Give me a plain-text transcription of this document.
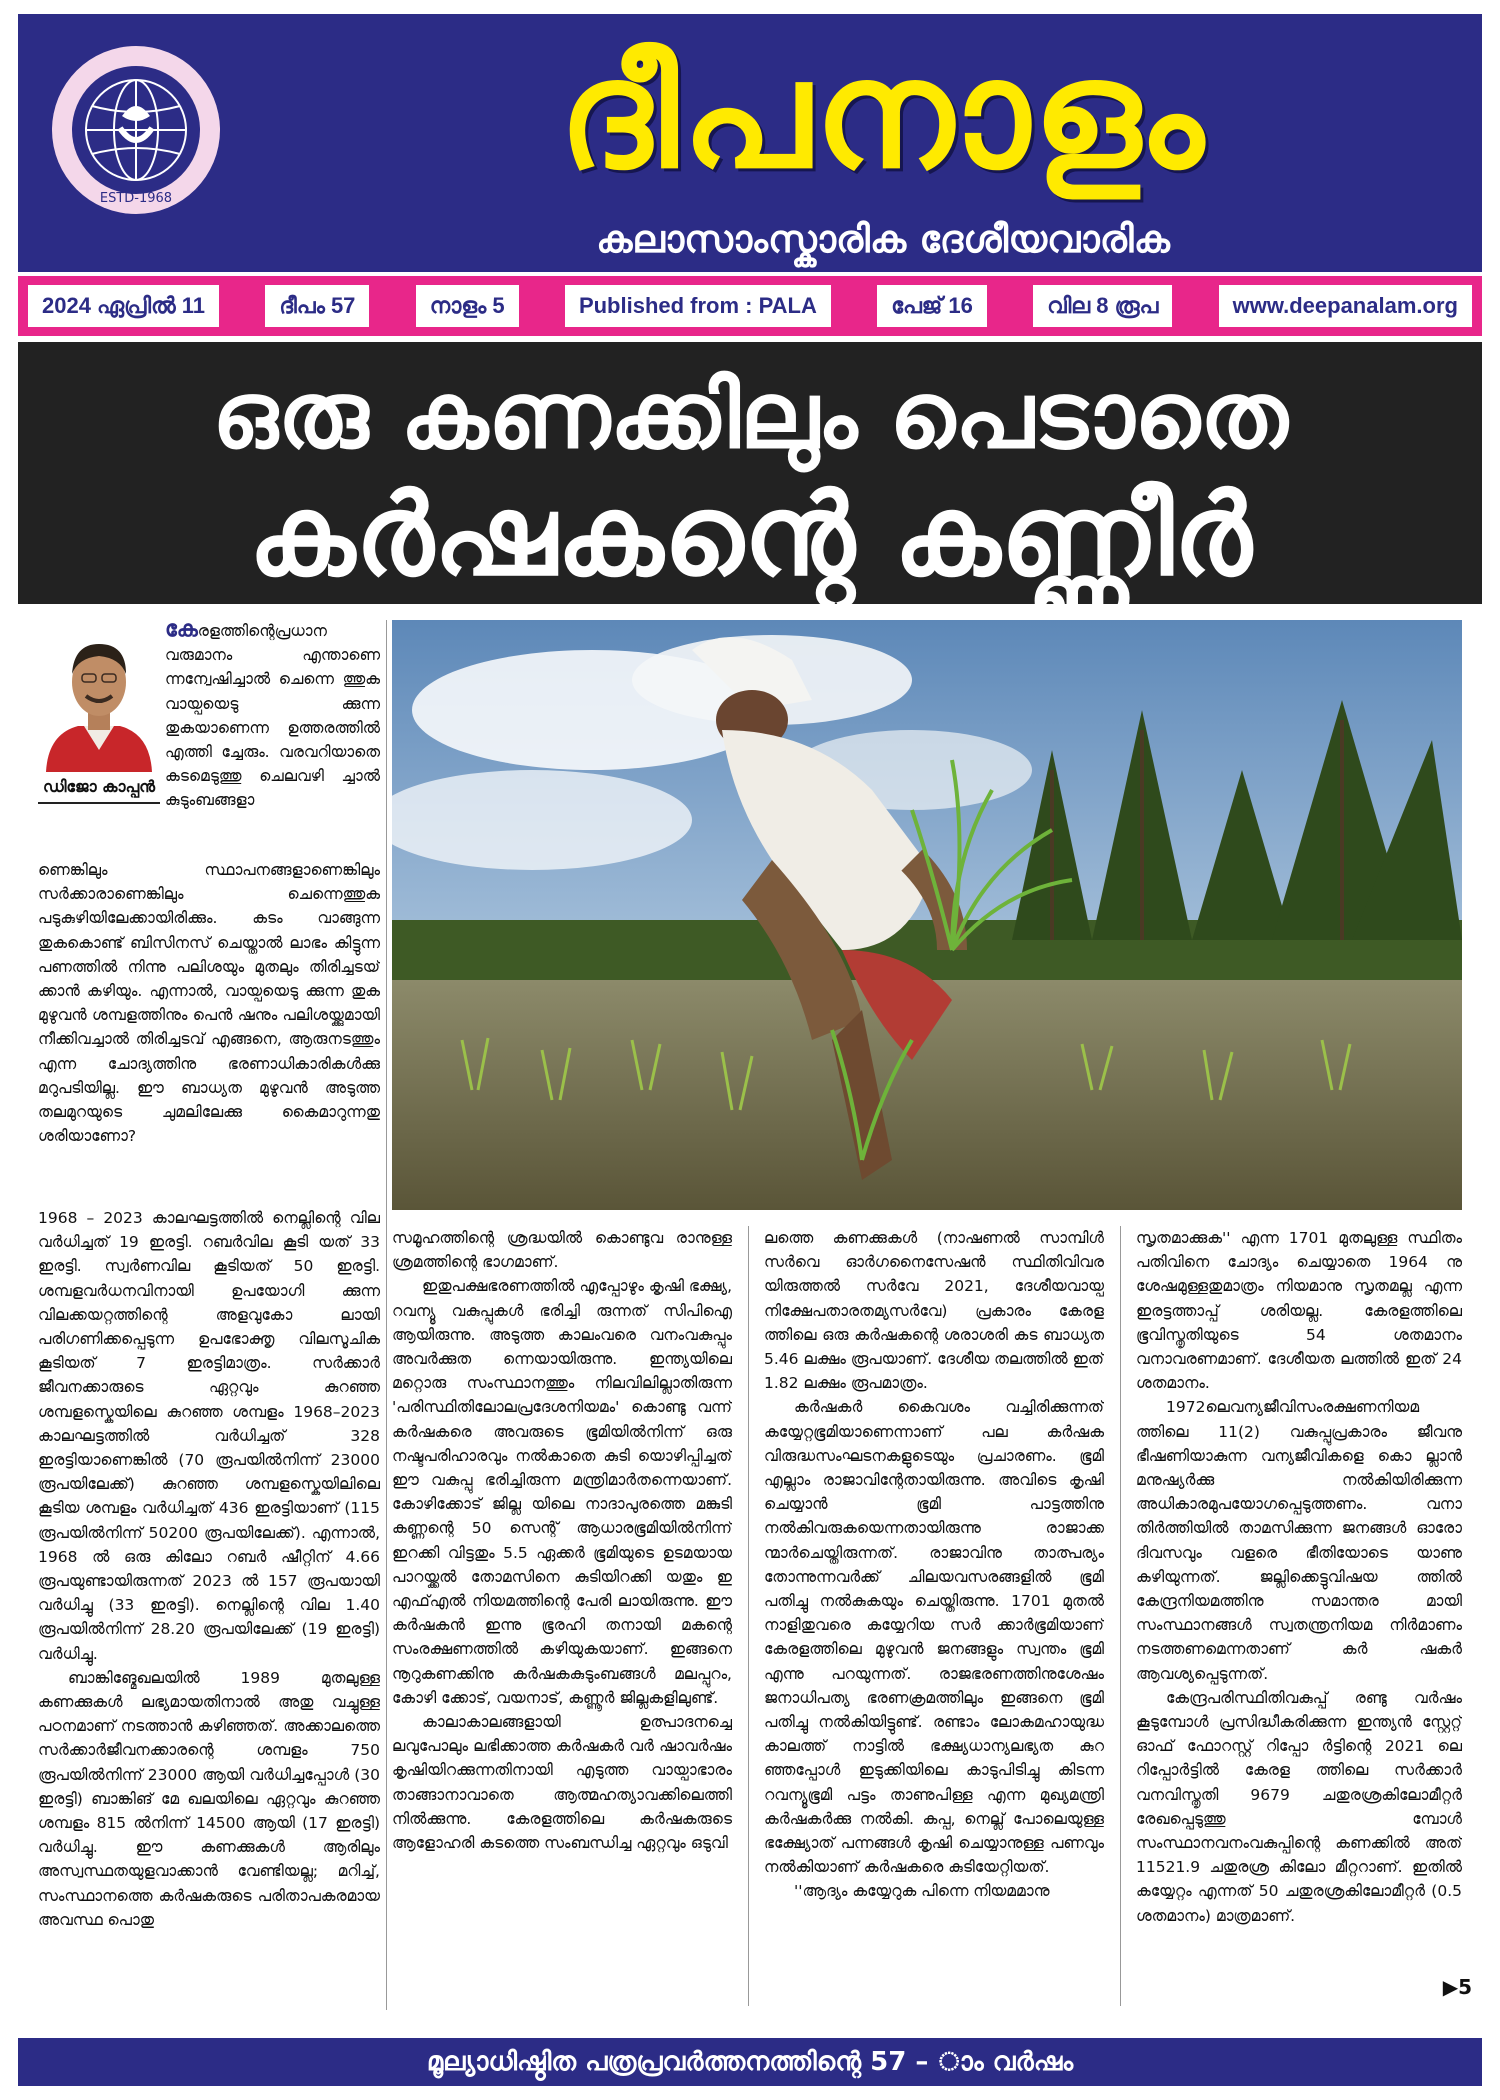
ESTD-1968	ദീപനാളം
കലാസാംസ്കാരിക ദേശീയവാരിക
2024 ഏപ്രിൽ 11	ദീപം 57	നാളം 5	Published from : PALA	പേജ് 16	വില 8 രൂപ	www.deepanalam.org
ഒരു കണക്കിലും പെടാതെ
കർഷകന്റെ കണ്ണീർ
ഡിജോ കാപ്പൻ
കേരളത്തിന്റെപ്രധാന വരുമാനം എന്താണെ ന്നന്വേഷിച്ചാൽ ചെന്നെ ത്തുക വായ്പയെടു ക്കുന്ന തുകയാണെന്ന ഉത്തരത്തിൽ എത്തി ച്ചേരും. വരവറിയാതെ കടമെടുത്തു ചെലവഴി ച്ചാൽ കുടുംബങ്ങളാ
ണെങ്കിലും സ്ഥാപനങ്ങളാണെങ്കിലും സർക്കാരാണെങ്കിലും ചെന്നെത്തുക പടുകുഴിയിലേക്കായിരിക്കും. കടം വാങ്ങുന്ന തുകകൊണ്ട് ബിസിനസ് ചെയ്താൽ ലാഭം കിട്ടുന്ന പണത്തിൽ നിന്നു പലിശയും മുതലും തിരിച്ചടയ് ക്കാൻ കഴിയും. എന്നാൽ, വായ്പയെടു ക്കുന്ന തുക മുഴുവൻ ശമ്പളത്തിനും പെൻ ഷനും പലിശയ്ക്കുമായി നീക്കിവച്ചാൽ തിരിച്ചടവ് എങ്ങനെ, ആരുനടത്തും എന്ന ചോദ്യത്തിനു ഭരണാധികാരികൾക്കു മറുപടിയില്ല. ഈ ബാധ്യത മുഴുവൻ അടുത്ത തലമുറയുടെ ചുമലിലേക്കു കൈമാറുന്നതു ശരിയാണോ?

1968 – 2023 കാലഘട്ടത്തിൽ നെല്ലിന്റെ വില വർധിച്ചത് 19 ഇരട്ടി. റബർവില കൂടി യത് 33 ഇരട്ടി. സ്വർണവില കൂടിയത് 50 ഇരട്ടി. ശമ്പളവർധനവിനായി ഉപയോഗി ക്കുന്ന വിലക്കയറ്റത്തിന്റെ അളവുകോ ലായി പരിഗണിക്കപ്പെടുന്ന ഉപഭോക്തൃ വിലസൂചിക കൂടിയത് 7 ഇരട്ടിമാത്രം. സർക്കാർ ജീവനക്കാരുടെ ഏറ്റവും കുറഞ്ഞ ശമ്പളസ്കെയിലെ കുറഞ്ഞ ശമ്പളം 1968–2023 കാലഘട്ടത്തിൽ വർധിച്ചത് 328 ഇരട്ടിയാണെങ്കിൽ (70 രൂപയിൽനിന്ന് 23000 രൂപയിലേക്ക്) കുറഞ്ഞ ശമ്പളസ്കെയിലിലെ കൂടിയ ശമ്പളം വർധിച്ചത് 436 ഇരട്ടിയാണ് (115 രൂപയിൽനിന്ന് 50200 രൂപയിലേക്ക്). എന്നാൽ, 1968 ൽ ഒരു കിലോ റബർ ഷീറ്റിന് 4.66 രൂപയുണ്ടായിരുന്നത് 2023 ൽ 157 രൂപയായി വർധിച്ചു (33 ഇരട്ടി). നെല്ലിന്റെ വില 1.40 രൂപയിൽനിന്ന് 28.20 രൂപയിലേക്ക് (19 ഇരട്ടി) വർധിച്ചു.

ബാങ്കിങ്മേഖലയിൽ 1989 മുതലുള്ള കണക്കുകൾ ലഭ്യമായതിനാൽ അതു വച്ചുള്ള പഠനമാണ് നടത്താൻ കഴിഞ്ഞത്. അക്കാലത്തെ സർക്കാർജീവനക്കാരന്റെ ശമ്പളം 750 രൂപയിൽനിന്ന് 23000 ആയി വർധിച്ചപ്പോൾ (30 ഇരട്ടി) ബാങ്കിങ് മേ ഖലയിലെ ഏറ്റവും കുറഞ്ഞ ശമ്പളം 815 ൽനിന്ന് 14500 ആയി (17 ഇരട്ടി) വർധിച്ചു. ഈ കണക്കുകൾ ആരിലും അസ്വസ്ഥതയുളവാക്കാൻ വേണ്ടിയല്ല; മറിച്ച്, സംസ്ഥാനത്തെ കർഷകരുടെ പരിതാപകരമായ അവസ്ഥ പൊതു

സമൂഹത്തിന്റെ ശ്രദ്ധയിൽ കൊണ്ടുവ രാനുള്ള ശ്രമത്തിന്റെ ഭാഗമാണ്.

ഇതുപക്ഷഭരണത്തിൽ എപ്പോഴും കൃഷി ഭക്ഷ്യ, റവന്യൂ വകുപ്പുകൾ ഭരിച്ചി രുന്നത് സിപിഐ ആയിരുന്നു. അടുത്ത കാലംവരെ വനംവകുപ്പും അവർക്കുത ന്നെയായിരുന്നു. ഇന്ത്യയിലെ മറ്റൊരു സംസ്ഥാനത്തും നിലവിലില്ലാതിരുന്ന 'പരിസ്ഥിതിലോലപ്രദേശനിയമം' കൊണ്ടു വന്ന് കർഷകരെ അവരുടെ ഭൂമിയിൽനിന്ന് ഒരു നഷ്ടപരിഹാരവും നൽകാതെ കുടി യൊഴിപ്പിച്ചത് ഈ വകുപ്പു ഭരിച്ചിരുന്ന മന്ത്രിമാർതന്നെയാണ്. കോഴിക്കോട് ജില്ല യിലെ നാദാപുരത്തെ മങ്കുടി കണ്ണന്റെ 50 സെന്റ് ആധാരഭൂമിയിൽനിന്ന് ഇറക്കി വിട്ടതും 5.5 ഏക്കർ ഭൂമിയുടെ ഉടമയായ പാറയ്ക്കൽ തോമസിനെ കുടിയിറക്കി യതും ഇ എഫ്എൽ നിയമത്തിന്റെ പേരി ലായിരുന്നു. ഈ കർഷകൻ ഇന്നു ഭൂരഹി തനായി മകന്റെ സംരക്ഷണത്തിൽ കഴിയുകയാണ്. ഇങ്ങനെ നൂറുകണക്കിനു കർഷകകുടുംബങ്ങൾ മലപ്പുറം, കോഴി ക്കോട്, വയനാട്, കണ്ണൂർ ജില്ലകളിലുണ്ട്.

കാലാകാലങ്ങളായി ഉത്പാദനച്ചെ ലവുപോലും ലഭിക്കാത്ത കർഷകർ വർ ഷാവർഷം കൃഷിയിറക്കുന്നതിനായി എടുത്ത വായ്പാഭാരം താങ്ങാനാവാതെ ആത്മഹത്യാവക്കിലെത്തി നിൽക്കുന്നു. കേരളത്തിലെ കർഷകരുടെ ആളോഹരി കടത്തെ സംബന്ധിച്ച ഏറ്റവും ഒടുവി

ലത്തെ കണക്കുകൾ (നാഷണൽ സാമ്പിൾ സർവെ ഓർഗനൈസേഷൻ സ്ഥിതിവിവര യിരുത്തൽ സർവേ 2021, ദേശീയവായ്പ നിക്ഷേപതാരതമ്യസർവേ) പ്രകാരം കേരള ത്തിലെ ഒരു കർഷകന്റെ ശരാശരി കട ബാധ്യത 5.46 ലക്ഷം രൂപയാണ്. ദേശീയ തലത്തിൽ ഇത് 1.82 ലക്ഷം രൂപമാത്രം.

കർഷകർ കൈവശം വച്ചിരിക്കുന്നത് കയ്യേറ്റഭൂമിയാണെന്നാണ് പല കർഷക വിരുദ്ധസംഘടനകളുടെയും പ്രചാരണം. ഭൂമി എല്ലാം രാജാവിന്റേതായിരുന്നു. അവിടെ കൃഷി ചെയ്യാൻ ഭൂമി പാട്ടത്തിനു നൽകിവരുകയെന്നതായിരുന്നു രാജാക്ക ന്മാർചെയ്തിരുന്നത്. രാജാവിനു താത്പര്യം തോന്നുന്നവർക്ക് ചിലയവസരങ്ങളിൽ ഭൂമി പതിച്ചു നൽകുകയും ചെയ്തിരുന്നു. 1701 മുതൽ നാളിതുവരെ കയ്യേറിയ സർ ക്കാർഭൂമിയാണ് കേരളത്തിലെ മുഴുവൻ ജനങ്ങളും സ്വന്തം ഭൂമി എന്നു പറയുന്നത്. രാജഭരണത്തിനുശേഷം ജനാധിപത്യ ഭരണക്രമത്തിലും ഇങ്ങനെ ഭൂമി പതിച്ചു നൽകിയിട്ടുണ്ട്. രണ്ടാം ലോകമഹായുദ്ധ കാലത്ത് നാട്ടിൽ ഭക്ഷ്യധാന്യലഭ്യത കുറ ഞ്ഞപ്പോൾ ഇടുക്കിയിലെ കാടുപിടിച്ചു കിടന്ന റവന്യൂഭൂമി പട്ടം താണുപിള്ള എന്ന മുഖ്യമന്ത്രി കർഷകർക്കു നൽകി. കപ്പ, നെല്ല് പോലെയുള്ള ഭക്ഷ്യോത് പന്നങ്ങൾ കൃഷി ചെയ്യാനുള്ള പണവും നൽകിയാണ് കർഷകരെ കുടിയേറ്റിയത്.

''ആദ്യം കയ്യേറുക പിന്നെ നിയമമാനു

സൃതമാക്കുക'' എന്ന 1701 മുതലുള്ള സ്ഥിതം പതിവിനെ ചോദ്യം ചെയ്യാതെ 1964 നു ശേഷമുള്ളതുമാത്രം നിയമാനു സൃതമല്ല എന്ന ഇരട്ടത്താപ്പ് ശരിയല്ല. കേരളത്തിലെ ഭൂവിസ്തൃതിയുടെ 54 ശതമാനം വനാവരണമാണ്. ദേശീയത ലത്തിൽ ഇത് 24 ശതമാനം.

1972ലെവന്യജീവിസംരക്ഷണനിയമ ത്തിലെ 11(2) വകുപ്പുപ്രകാരം ജീവനു ഭീഷണിയാകുന്ന വന്യജീവികളെ കൊ ല്ലാൻ മനുഷ്യർക്കു നൽകിയിരിക്കുന്ന അധികാരമുപയോഗപ്പെടുത്തണം. വനാ തിർത്തിയിൽ താമസിക്കുന്ന ജനങ്ങൾ ഓരോ ദിവസവും വളരെ ഭീതിയോടെ യാണു കഴിയുന്നത്. ജല്ലിക്കെട്ടുവിഷയ ത്തിൽ കേന്ദ്രനിയമത്തിനു സമാന്തര മായി സംസ്ഥാനങ്ങൾ സ്വതന്ത്രനിയമ നിർമാണം നടത്തണമെന്നതാണ് കർ ഷകർ ആവശ്യപ്പെടുന്നത്.

കേന്ദ്രപരിസ്ഥിതിവകുപ്പ് രണ്ടു വർഷം കൂടുമ്പോൾ പ്രസിദ്ധീകരിക്കുന്ന ഇന്ത്യൻ സ്റ്റേറ്റ് ഓഫ് ഫോറസ്റ്റ് റിപ്പോ ർട്ടിന്റെ 2021 ലെ റിപ്പോർട്ടിൽ കേരള ത്തിലെ സർക്കാർ വനവിസ്തൃതി 9679 ചതുരശ്രകിലോമീറ്റർ രേഖപ്പെടുത്തു മ്പോൾ സംസ്ഥാനവനംവകുപ്പിന്റെ കണക്കിൽ അത് 11521.9 ചതുരശ്ര കിലോ മീറ്ററാണ്. ഇതിൽ കയ്യേറ്റം എന്നത് 50 ചതുരശ്രകിലോമീറ്റർ (0.5 ശതമാനം) മാത്രമാണ്.

▶5
മൂല്യാധിഷ്ഠിത പത്രപ്രവർത്തനത്തിന്റെ 57 – ാം വർഷം
